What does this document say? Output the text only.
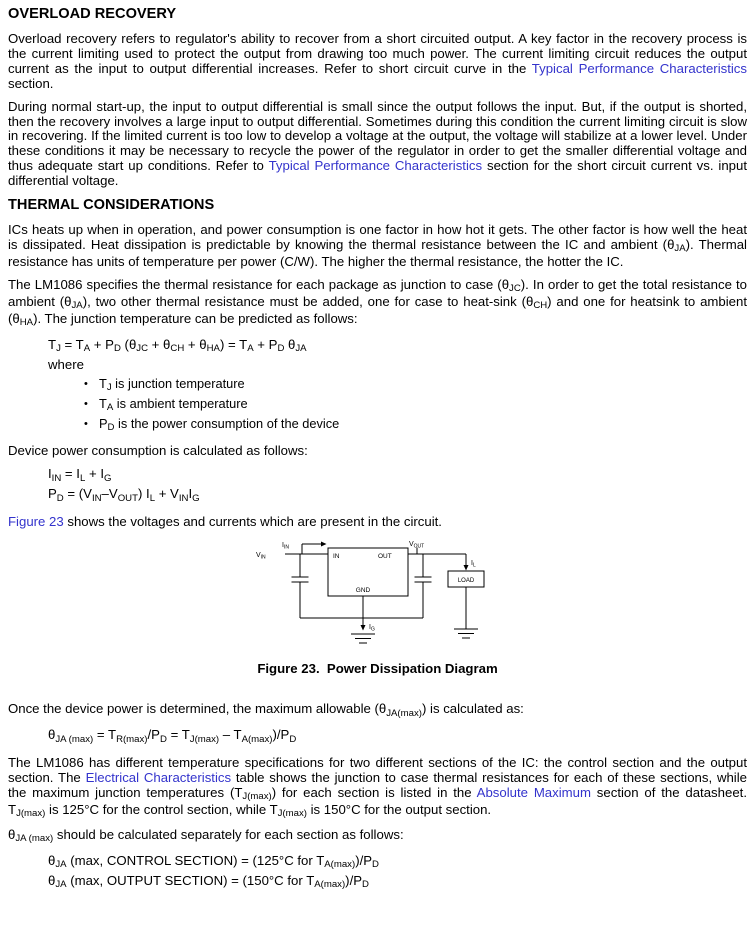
OVERLOAD RECOVERY

Overload recovery refers to regulator's ability to recover from a short circuited output. A key factor in the recovery process is the current limiting used to protect the output from drawing too much power. The current limiting circuit reduces the output current as the input to output differential increases. Refer to short circuit curve in the Typical Performance Characteristics section.

During normal start-up, the input to output differential is small since the output follows the input. But, if the output is shorted, then the recovery involves a large input to output differential. Sometimes during this condition the current limiting circuit is slow in recovering. If the limited current is too low to develop a voltage at the output, the voltage will stabilize at a lower level. Under these conditions it may be necessary to recycle the power of the regulator in order to get the smaller differential voltage and thus adequate start up conditions. Refer to Typical Performance Characteristics section for the short circuit current vs. input differential voltage.

THERMAL CONSIDERATIONS

ICs heats up when in operation, and power consumption is one factor in how hot it gets. The other factor is how well the heat is dissipated. Heat dissipation is predictable by knowing the thermal resistance between the IC and ambient (θJA). Thermal resistance has units of temperature per power (C/W). The higher the thermal resistance, the hotter the IC.

The LM1086 specifies the thermal resistance for each package as junction to case (θJC). In order to get the total resistance to ambient (θJA), two other thermal resistance must be added, one for case to heat-sink (θCH) and one for heatsink to ambient (θHA). The junction temperature can be predicted as follows:

TJ = TA + PD (θJC + θCH + θHA) = TA + PD θJA
where
• TJ is junction temperature
• TA is ambient temperature
• PD is the power consumption of the device

Device power consumption is calculated as follows:

IIN = IL + IG
PD = (VIN–VOUT) IL + VINIG

Figure 23 shows the voltages and currents which are present in the circuit.

$I_{IN}$
$V_{IN}$	IN	OUT
GND
$V_{OUT}$
$I_L$
LOAD
$I_G$
Figure 23.  Power Dissipation Diagram

Once the device power is determined, the maximum allowable (θJA(max)) is calculated as:

θJA (max) = TR(max)/PD = TJ(max) – TA(max))/PD

The LM1086 has different temperature specifications for two different sections of the IC: the control section and the output section. The Electrical Characteristics table shows the junction to case thermal resistances for each of these sections, while the maximum junction temperatures (TJ(max)) for each section is listed in the Absolute Maximum section of the datasheet. TJ(max) is 125°C for the control section, while TJ(max) is 150°C for the output section.

θJA (max) should be calculated separately for each section as follows:

θJA (max, CONTROL SECTION) = (125°C for TA(max))/PD
θJA (max, OUTPUT SECTION) = (150°C for TA(max))/PD
